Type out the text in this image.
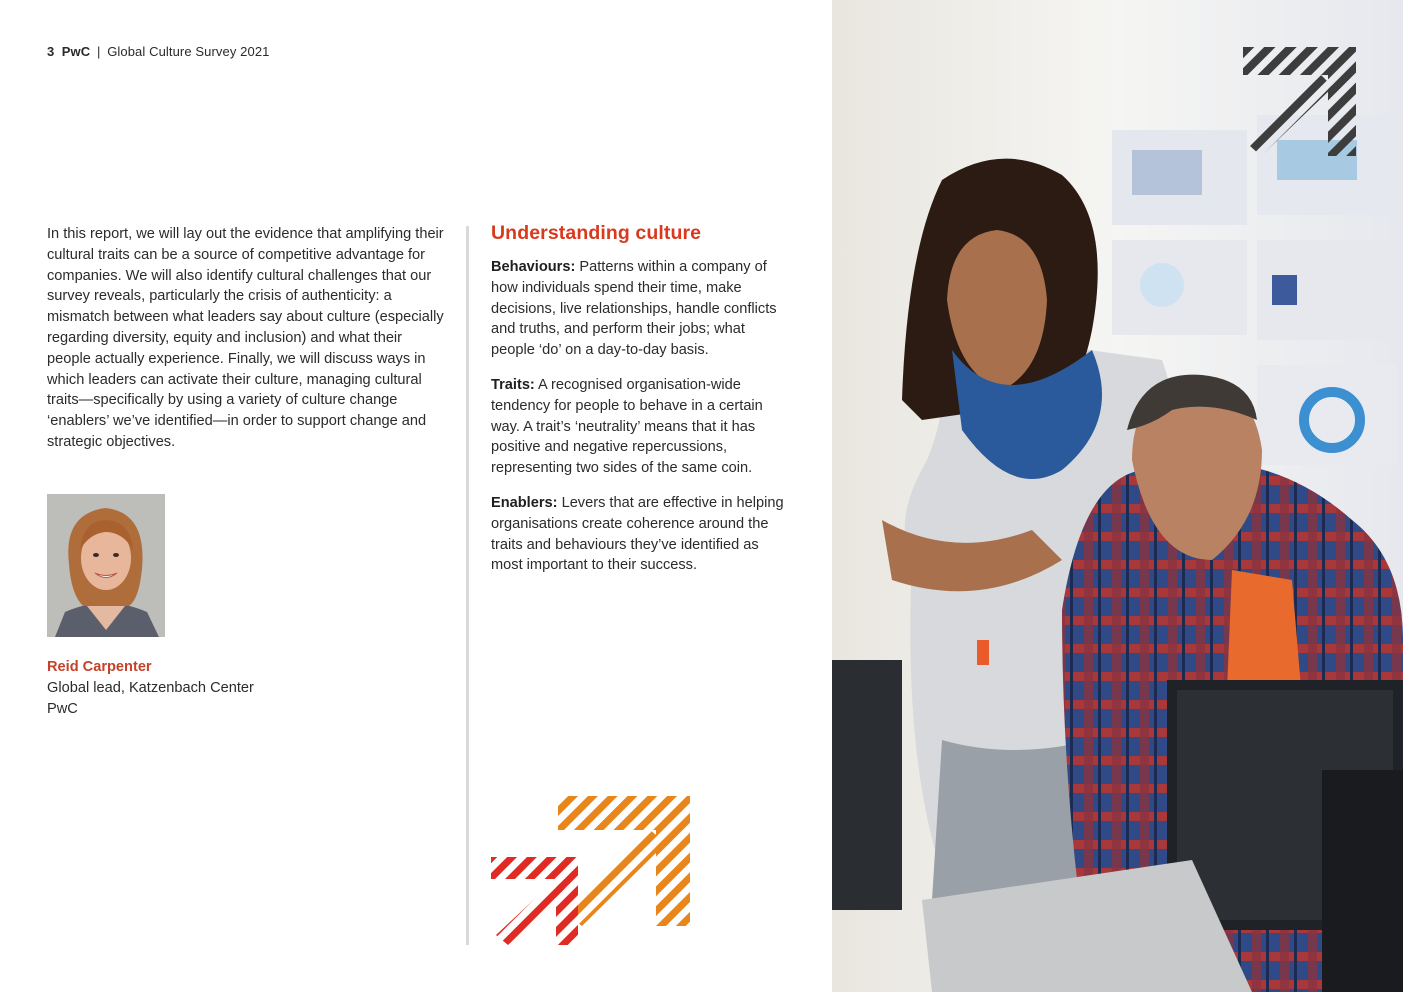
3 PwC | Global Culture Survey 2021

In this report, we will lay out the evidence that amplifying their cultural traits can be a source of competitive advantage for companies. We will also identify cultural challenges that our survey reveals, particularly the crisis of authenticity: a mismatch between what leaders say about culture (especially regarding diversity, equity and inclusion) and what their people actually experience. Finally, we will discuss ways in which leaders can activate their culture, managing cultural traits—specifically by using a variety of culture change ‘enablers’ we’ve identified—in order to support change and strategic objectives.

Reid Carpenter
Global lead, Katzenbach Center
PwC
Understanding culture

Behaviours: Patterns within a company of how individuals spend their time, make decisions, live relationships, handle conflicts and truths, and perform their jobs; what people ‘do’ on a day-to-day basis.

Traits: A recognised organisation-wide tendency for people to behave in a certain way. A trait’s ‘neutrality’ means that it has positive and negative repercussions, representing two sides of the same coin.

Enablers: Levers that are effective in helping organisations create coherence around the traits and behaviours they’ve identified as most important to their success.
